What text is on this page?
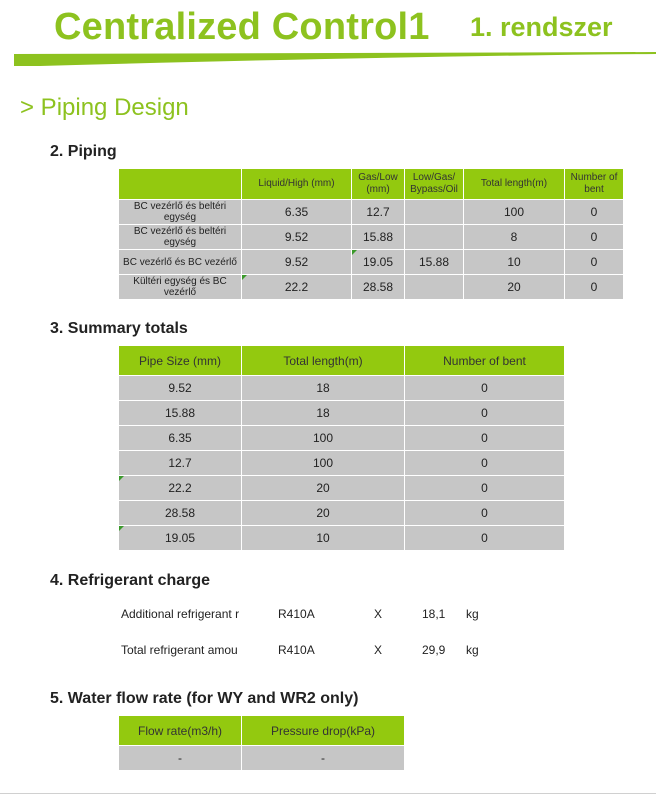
Centralized Control1 1. rendszer
> Piping Design
2. Piping
	Liquid/High (mm)	Gas/Low (mm)	Low/Gas/ Bypass/Oil	Total length(m)	Number of bent
BC vezérlő és beltéri egység	6.35	12.7		100	0
BC vezérlő és beltéri egység	9.52	15.88		8	0
BC vezérlő és BC vezérlő	9.52	19.05	15.88	10	0
Kültéri egység és BC vezérlő	22.2	28.58		20	0
3. Summary totals
Pipe Size (mm)	Total length(m)	Number of bent
9.52	18	0
15.88	18	0
6.35	100	0
12.7	100	0
22.2	20	0
28.58	20	0
19.05	10	0
4. Refrigerant charge
Additional refrigerant r	R410A	X	18,1 kg
Total refrigerant amou	R410A	X	29,9 kg
5. Water flow rate (for WY and WR2 only)
Flow rate(m3/h)	Pressure drop(kPa)
-	-
